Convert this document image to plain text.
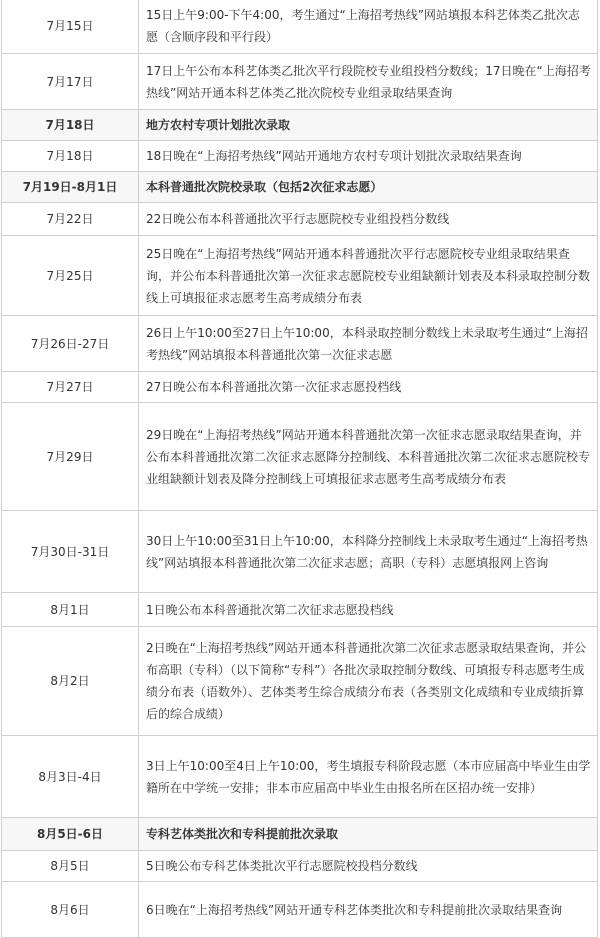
7月15日	15日上午9:00-下午4:00，考生通过“上海招考热线”网站填报本科艺体类乙批次志愿（含顺序段和平行段）
7月17日	17日上午公布本科艺体类乙批次平行段院校专业组投档分数线；17日晚在“上海招考热线”网站开通本科艺体类乙批次院校专业组录取结果查询
7月18日	地方农村专项计划批次录取
7月18日	18日晚在“上海招考热线”网站开通地方农村专项计划批次录取结果查询
7月19日-8月1日	本科普通批次院校录取（包括2次征求志愿）
7月22日	22日晚公布本科普通批次平行志愿院校专业组投档分数线
7月25日	25日晚在“上海招考热线”网站开通本科普通批次平行志愿院校专业组录取结果查询，并公布本科普通批次第一次征求志愿院校专业组缺额计划表及本科录取控制分数线上可填报征求志愿考生高考成绩分布表
7月26日-27日	26日上午10:00至27日上午10:00，本科录取控制分数线上未录取考生通过“上海招考热线”网站填报本科普通批次第一次征求志愿
7月27日	27日晚公布本科普通批次第一次征求志愿投档线
7月29日	29日晚在“上海招考热线”网站开通本科普通批次第一次征求志愿录取结果查询，并公布本科普通批次第二次征求志愿降分控制线、本科普通批次第二次征求志愿院校专业组缺额计划表及降分控制线上可填报征求志愿考生高考成绩分布表
7月30日-31日	30日上午10:00至31日上午10:00，本科降分控制线上未录取考生通过“上海招考热线”网站填报本科普通批次第二次征求志愿；高职（专科）志愿填报网上咨询
8月1日	1日晚公布本科普通批次第二次征求志愿投档线
8月2日	2日晚在“上海招考热线”网站开通本科普通批次第二次征求志愿录取结果查询，并公布高职（专科）（以下简称“专科”）各批次录取控制分数线、可填报专科志愿考生成绩分布表（语数外）、艺体类考生综合成绩分布表（各类别文化成绩和专业成绩折算后的综合成绩）
8月3日-4日	3日上午10:00至4日上午10:00，考生填报专科阶段志愿（本市应届高中毕业生由学籍所在中学统一安排；非本市应届高中毕业生由报名所在区招办统一安排）
8月5日-6日	专科艺体类批次和专科提前批次录取
8月5日	5日晚公布专科艺体类批次平行志愿院校投档分数线
8月6日	6日晚在“上海招考热线”网站开通专科艺体类批次和专科提前批次录取结果查询
